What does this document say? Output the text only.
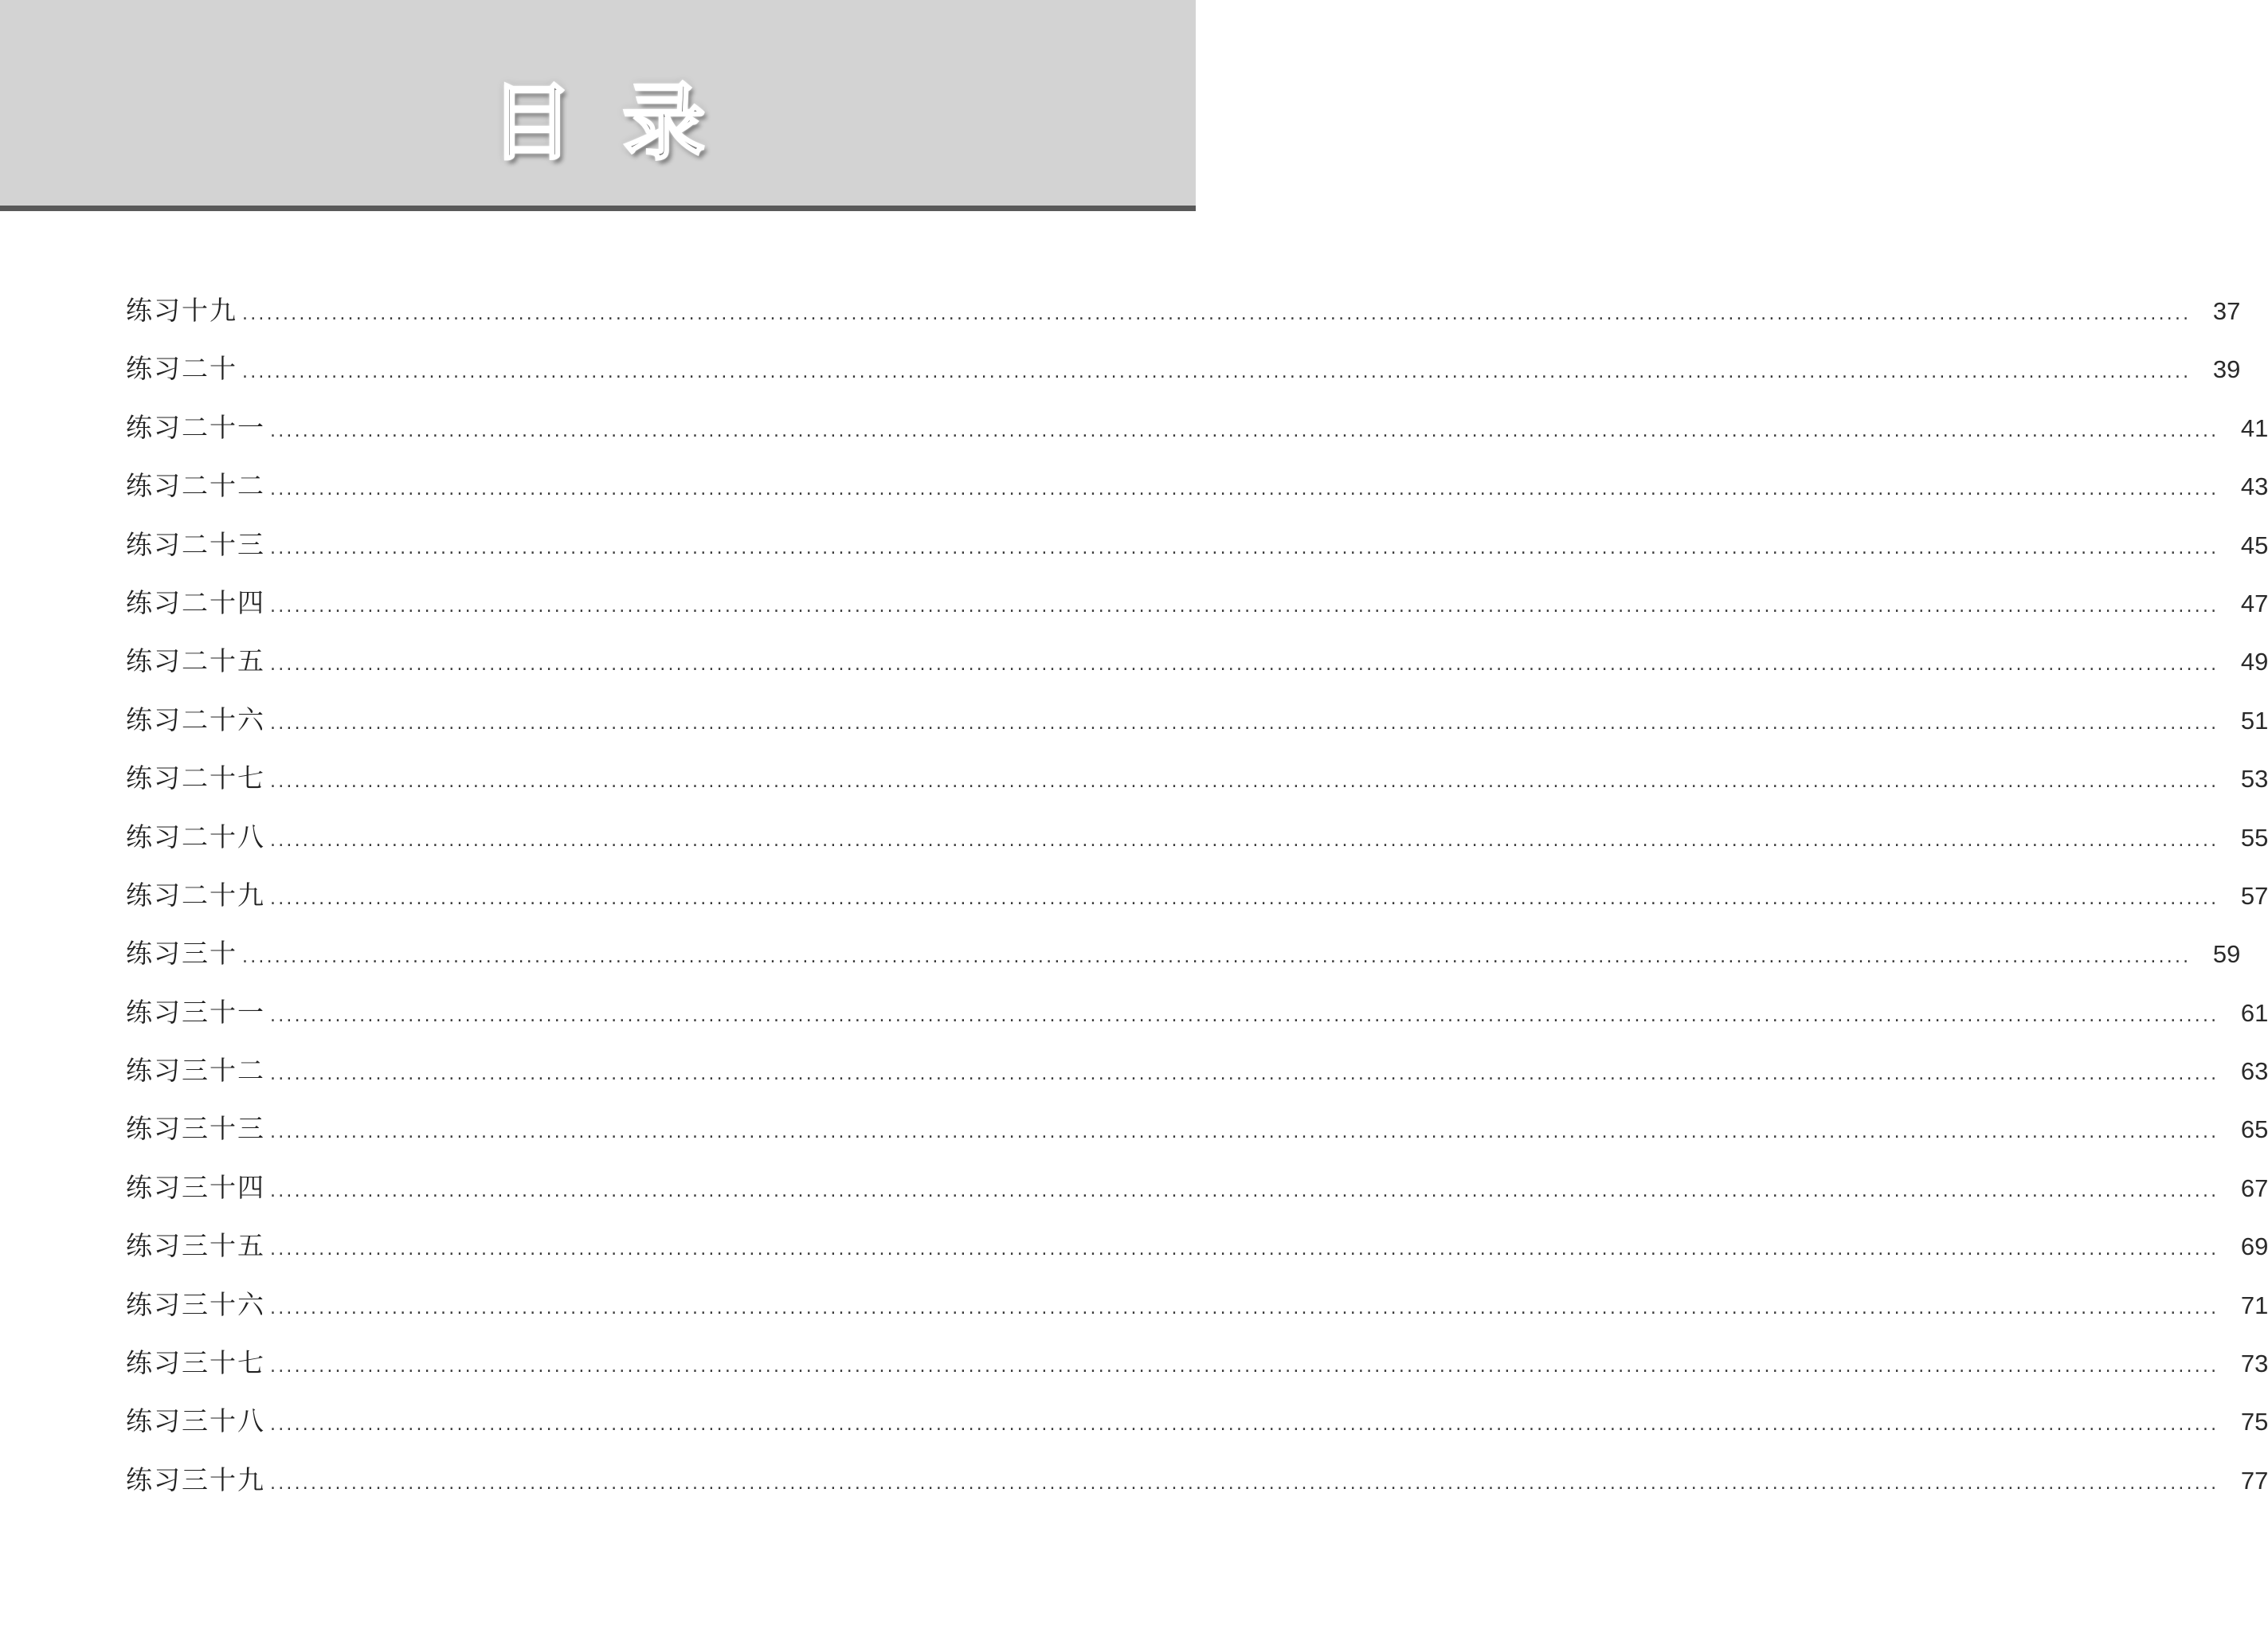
目录
练习十九 ................................................................................................................................................................................................................................................ 37
练习二十 ................................................................................................................................................................................................................................................ 39
练习二十一 ................................................................................................................................................................................................................................................ 41
练习二十二 ................................................................................................................................................................................................................................................ 43
练习二十三 ................................................................................................................................................................................................................................................ 45
练习二十四 ................................................................................................................................................................................................................................................ 47
练习二十五 ................................................................................................................................................................................................................................................ 49
练习二十六 ................................................................................................................................................................................................................................................ 51
练习二十七 ................................................................................................................................................................................................................................................ 53
练习二十八 ................................................................................................................................................................................................................................................ 55
练习二十九 ................................................................................................................................................................................................................................................ 57
练习三十 ................................................................................................................................................................................................................................................ 59
练习三十一 ................................................................................................................................................................................................................................................ 61
练习三十二 ................................................................................................................................................................................................................................................ 63
练习三十三 ................................................................................................................................................................................................................................................ 65
练习三十四 ................................................................................................................................................................................................................................................ 67
练习三十五 ................................................................................................................................................................................................................................................ 69
练习三十六 ................................................................................................................................................................................................................................................ 71
练习三十七 ................................................................................................................................................................................................................................................ 73
练习三十八 ................................................................................................................................................................................................................................................ 75
练习三十九 ................................................................................................................................................................................................................................................ 77
